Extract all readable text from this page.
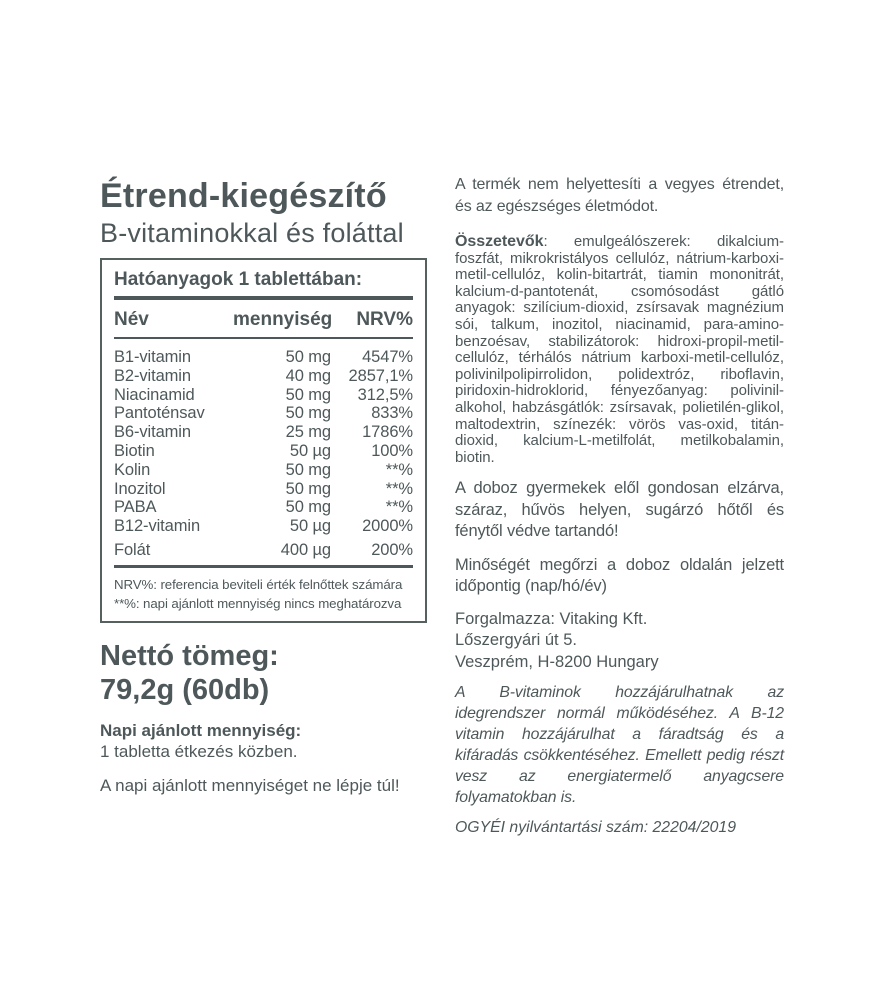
Étrend-kiegészítő
B-vitaminokkal és foláttal
Hatóanyagok 1 tablettában:
Név	mennyiség	NRV%
B1-vitamin	50 mg	4547%
B2-vitamin	40 mg	2857,1%
Niacinamid	50 mg	312,5%
Pantoténsav	50 mg	833%
B6-vitamin	25 mg	1786%
Biotin	50 µg	100%
Kolin	50 mg	**%
Inozitol	50 mg	**%
PABA	50 mg	**%
B12-vitamin	50 µg	2000%
Folát	400 µg	200%
NRV%: referencia beviteli érték felnőttek számára
**%: napi ajánlott mennyiség nincs meghatározva
Nettó tömeg:
79,2g (60db)
Napi ajánlott mennyiség:
1 tabletta étkezés közben.
A napi ajánlott mennyiséget ne lépje túl!
A termék nem helyettesíti a vegyes étrendet, és az egészséges életmódot.
Összetevők: emulgeálószerek: dikalcium-foszfát, mikrokristályos cellulóz, nátrium-karboxi-metil-cellulóz, kolin-bitartrát, tiamin mononitrát, kalcium-d-pantotenát, csomósodást gátló anyagok: szilícium-dioxid, zsírsavak magnézium sói, talkum, inozitol, niacinamid, para-amino-benzoésav, stabilizátorok: hidroxi-propil-metil-cellulóz, térhálós nátrium karboxi-metil-cellulóz, polivinilpolipirrolidon, polidextróz, riboflavin, piridoxin-hidroklorid, fényezőanyag: polivinil-alkohol, habzásgátlók: zsírsavak, polietilén-glikol, maltodextrin, színezék: vörös vas-oxid, titán-dioxid, kalcium-L-metilfolát, metilkobalamin, biotin.
A doboz gyermekek elől gondosan elzárva, száraz, hűvös helyen, sugárzó hőtől és fénytől védve tartandó!
Minőségét megőrzi a doboz oldalán jelzett időpontig (nap/hó/év)
Forgalmazza: Vitaking Kft.
Lőszergyári út 5.
Veszprém, H-8200 Hungary
A B-vitaminok hozzájárulhatnak az idegrendszer normál működéséhez. A B-12 vitamin hozzájárulhat a fáradtság és a kifáradás csökkentéséhez. Emellett pedig részt vesz az energiatermelő anyagcsere folyamatokban is.
OGYÉI nyilvántartási szám: 22204/2019
